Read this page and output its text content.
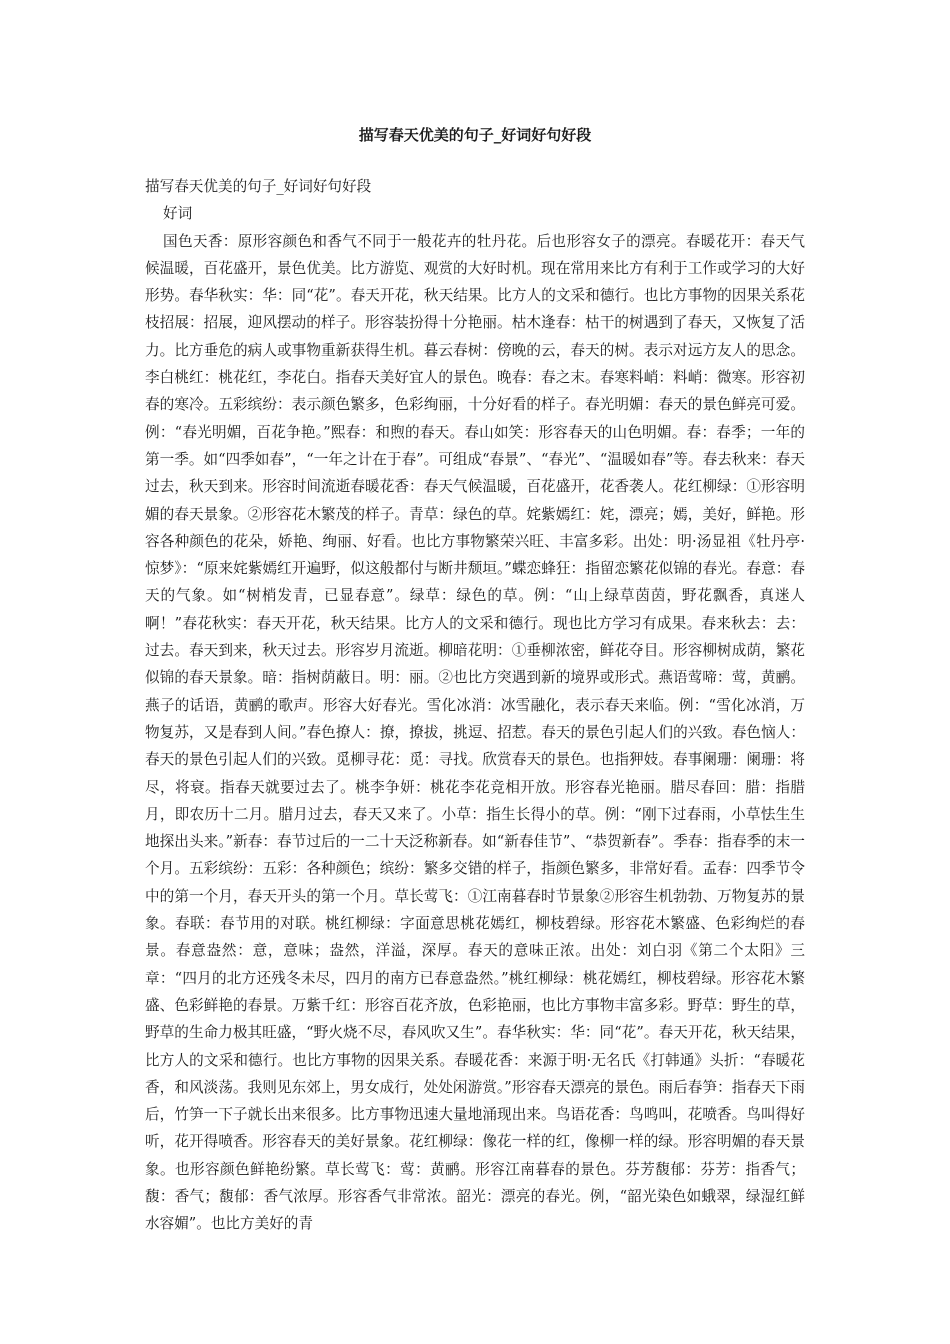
描写春天优美的句子_好词好句好段

描写春天优美的句子_好词好句好段

好词

国色天香：原形容颜色和香气不同于一般花卉的牡丹花。后也形容女子的漂亮。春暖花开：春天气候温暖，百花盛开，景色优美。比方游览、观赏的大好时机。现在常用来比方有利于工作或学习的大好形势。春华秋实：华：同“花”。春天开花，秋天结果。比方人的文采和德行。也比方事物的因果关系花枝招展：招展，迎风摆动的样子。形容装扮得十分艳丽。枯木逢春：枯干的树遇到了春天，又恢复了活力。比方垂危的病人或事物重新获得生机。暮云春树：傍晚的云，春天的树。表示对远方友人的思念。李白桃红：桃花红，李花白。指春天美好宜人的景色。晚春：春之末。春寒料峭：料峭：微寒。形容初春的寒冷。五彩缤纷：表示颜色繁多，色彩绚丽，十分好看的样子。春光明媚：春天的景色鲜亮可爱。例：“春光明媚，百花争艳。”熙春：和煦的春天。春山如笑：形容春天的山色明媚。春：春季；一年的第一季。如“四季如春”，“一年之计在于春”。可组成“春景”、“春光”、“温暖如春”等。春去秋来：春天过去，秋天到来。形容时间流逝春暖花香：春天气候温暖，百花盛开，花香袭人。花红柳绿：①形容明媚的春天景象。②形容花木繁茂的样子。青草：绿色的草。姹紫嫣红：姹，漂亮；嫣，美好，鲜艳。形容各种颜色的花朵，娇艳、绚丽、好看。也比方事物繁荣兴旺、丰富多彩。出处：明·汤显祖《牡丹亭·惊梦》：“原来姹紫嫣红开遍野，似这般都付与断井颓垣。”蝶恋蜂狂：指留恋繁花似锦的春光。春意：春天的气象。如“树梢发青，已显春意”。绿草：绿色的草。例：“山上绿草茵茵，野花飘香，真迷人啊！”春花秋实：春天开花，秋天结果。比方人的文采和德行。现也比方学习有成果。春来秋去：去：过去。春天到来，秋天过去。形容岁月流逝。柳暗花明：①垂柳浓密，鲜花夺目。形容柳树成荫，繁花似锦的春天景象。暗：指树荫蔽日。明：丽。②也比方突遇到新的境界或形式。燕语莺啼：莺，黄鹂。燕子的话语，黄鹂的歌声。形容大好春光。雪化冰消：冰雪融化，表示春天来临。例：“雪化冰消，万物复苏，又是春到人间。”春色撩人：撩，撩拔，挑逗、招惹。春天的景色引起人们的兴致。春色恼人：春天的景色引起人们的兴致。觅柳寻花：觅：寻找。欣赏春天的景色。也指狎妓。春事阑珊：阑珊：将尽，将衰。指春天就要过去了。桃李争妍：桃花李花竞相开放。形容春光艳丽。腊尽春回：腊：指腊月，即农历十二月。腊月过去，春天又来了。小草：指生长得小的草。例：“刚下过春雨，小草怯生生地探出头来。”新春：春节过后的一二十天泛称新春。如“新春佳节”、“恭贺新春”。季春：指春季的末一个月。五彩缤纷：五彩：各种颜色；缤纷：繁多交错的样子，指颜色繁多，非常好看。孟春：四季节令中的第一个月，春天开头的第一个月。草长莺飞：①江南暮春时节景象②形容生机勃勃、万物复苏的景象。春联：春节用的对联。桃红柳绿：字面意思桃花嫣红，柳枝碧绿。形容花木繁盛、色彩绚烂的春景。春意盎然：意，意味；盎然，洋溢，深厚。春天的意味正浓。出处：刘白羽《第二个太阳》三章：“四月的北方还残冬未尽，四月的南方已春意盎然。”桃红柳绿：桃花嫣红，柳枝碧绿。形容花木繁盛、色彩鲜艳的春景。万紫千红：形容百花齐放，色彩艳丽，也比方事物丰富多彩。野草：野生的草，野草的生命力极其旺盛，“野火烧不尽，春风吹又生”。春华秋实：华：同“花”。春天开花，秋天结果，比方人的文采和德行。也比方事物的因果关系。春暖花香：来源于明·无名氏《打韩通》头折：“春暖花香，和风淡荡。我则见东郊上，男女成行，处处闲游赏。”形容春天漂亮的景色。雨后春笋：指春天下雨后，竹笋一下子就长出来很多。比方事物迅速大量地涌现出来。鸟语花香：鸟鸣叫，花喷香。鸟叫得好听，花开得喷香。形容春天的美好景象。花红柳绿：像花一样的红，像柳一样的绿。形容明媚的春天景象。也形容颜色鲜艳纷繁。草长莺飞：莺：黄鹂。形容江南暮春的景色。芬芳馥郁：芬芳：指香气；馥：香气；馥郁：香气浓厚。形容香气非常浓。韶光：漂亮的春光。例，“韶光染色如蛾翠，绿湿红鲜水容媚”。也比方美好的青
